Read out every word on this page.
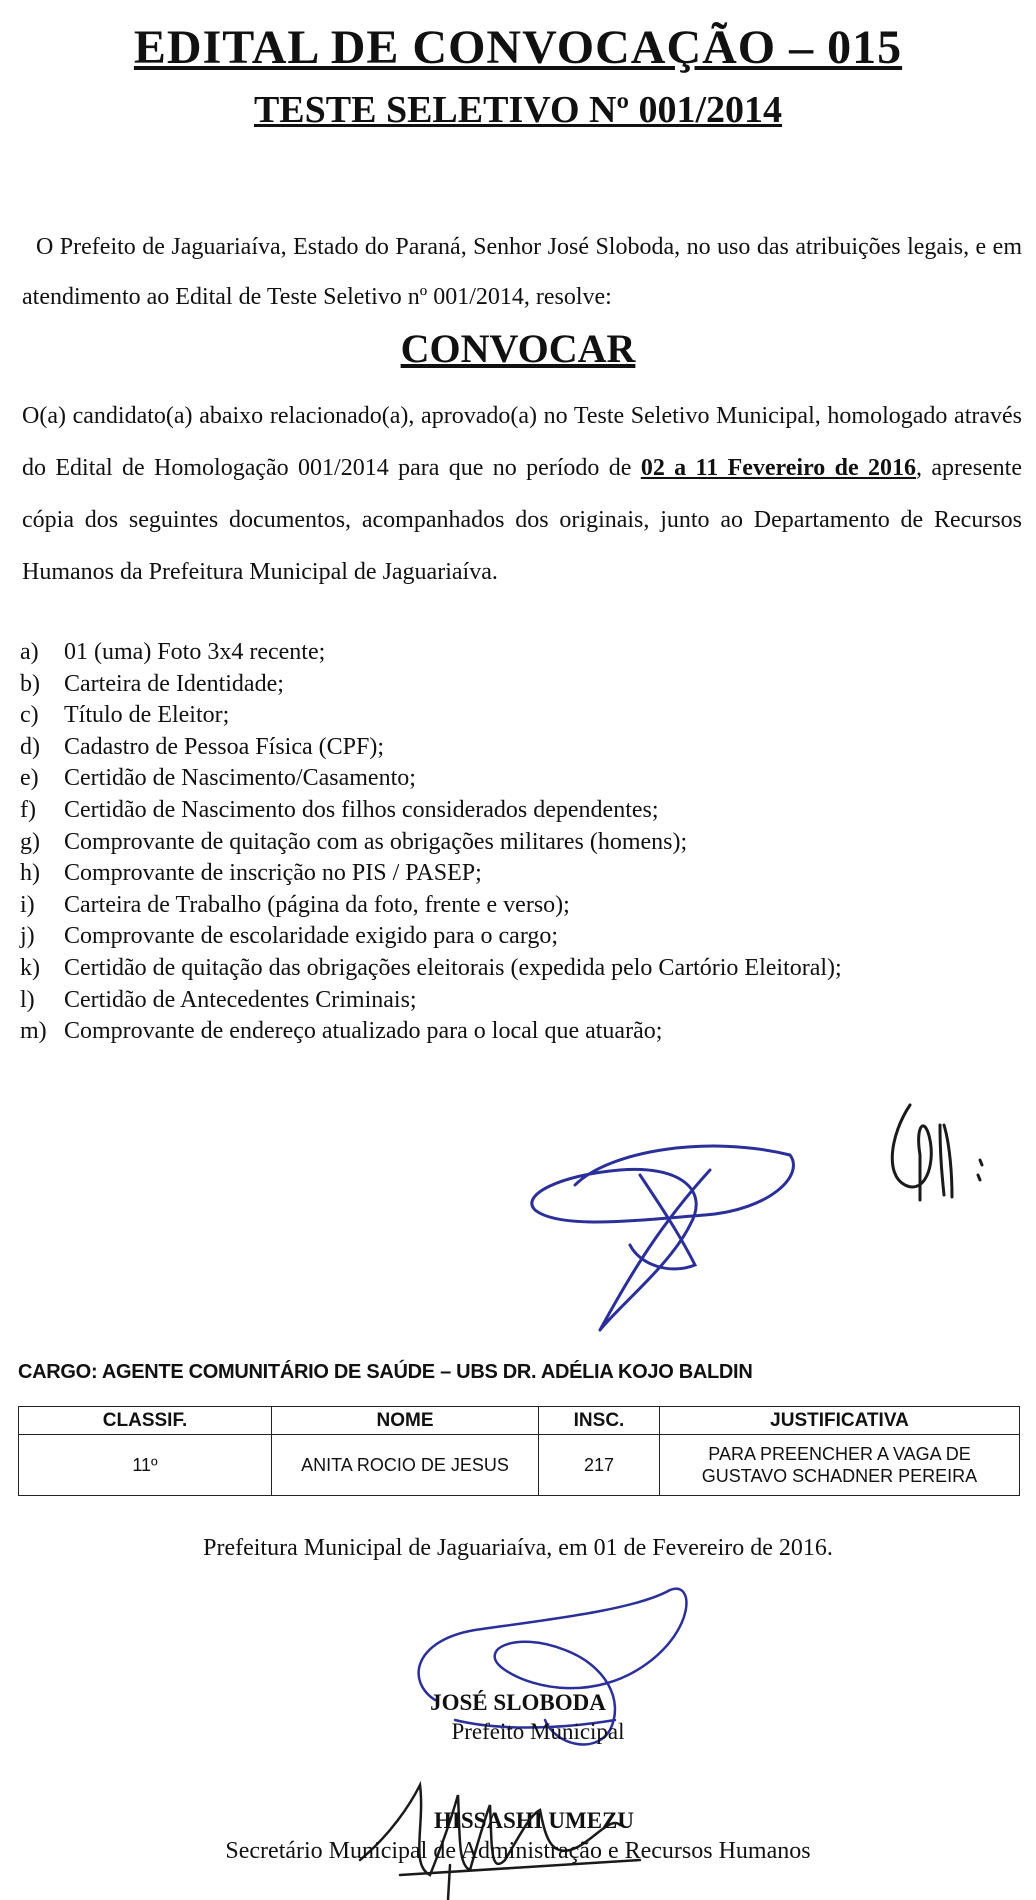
EDITAL DE CONVOCAÇÃO – 015
TESTE SELETIVO Nº 001/2014

O Prefeito de Jaguariaíva, Estado do Paraná, Senhor José Sloboda, no uso das atribuições legais, e em atendimento ao Edital de Teste Seletivo nº 001/2014, resolve:

CONVOCAR

O(a) candidato(a) abaixo relacionado(a), aprovado(a) no Teste Seletivo Municipal, homologado através do Edital de Homologação 001/2014 para que no período de 02 a 11 Fevereiro de 2016, apresente cópia dos seguintes documentos, acompanhados dos originais, junto ao Departamento de Recursos Humanos da Prefeitura Municipal de Jaguariaíva.

a) 01 (uma) Foto 3x4 recente;
b) Carteira de Identidade;
c) Título de Eleitor;
d) Cadastro de Pessoa Física (CPF);
e) Certidão de Nascimento/Casamento;
f) Certidão de Nascimento dos filhos considerados dependentes;
g) Comprovante de quitação com as obrigações militares (homens);
h) Comprovante de inscrição no PIS / PASEP;
i) Carteira de Trabalho (página da foto, frente e verso);
j) Comprovante de escolaridade exigido para o cargo;
k) Certidão de quitação das obrigações eleitorais (expedida pelo Cartório Eleitoral);
l) Certidão de Antecedentes Criminais;
m) Comprovante de endereço atualizado para o local que atuarão;

CARGO: AGENTE COMUNITÁRIO DE SAÚDE – UBS DR. ADÉLIA KOJO BALDIN

CLASSIF.	NOME	INSC.	JUSTIFICATIVA
11º	ANITA ROCIO DE JESUS	217	PARA PREENCHER A VAGA DE
GUSTAVO SCHADNER PEREIRA

Prefeitura Municipal de Jaguariaíva, em 01 de Fevereiro de 2016.

JOSÉ SLOBODA

Prefeito Municipal

HISSASHI UMEZU

Secretário Municipal de Administração e Recursos Humanos
